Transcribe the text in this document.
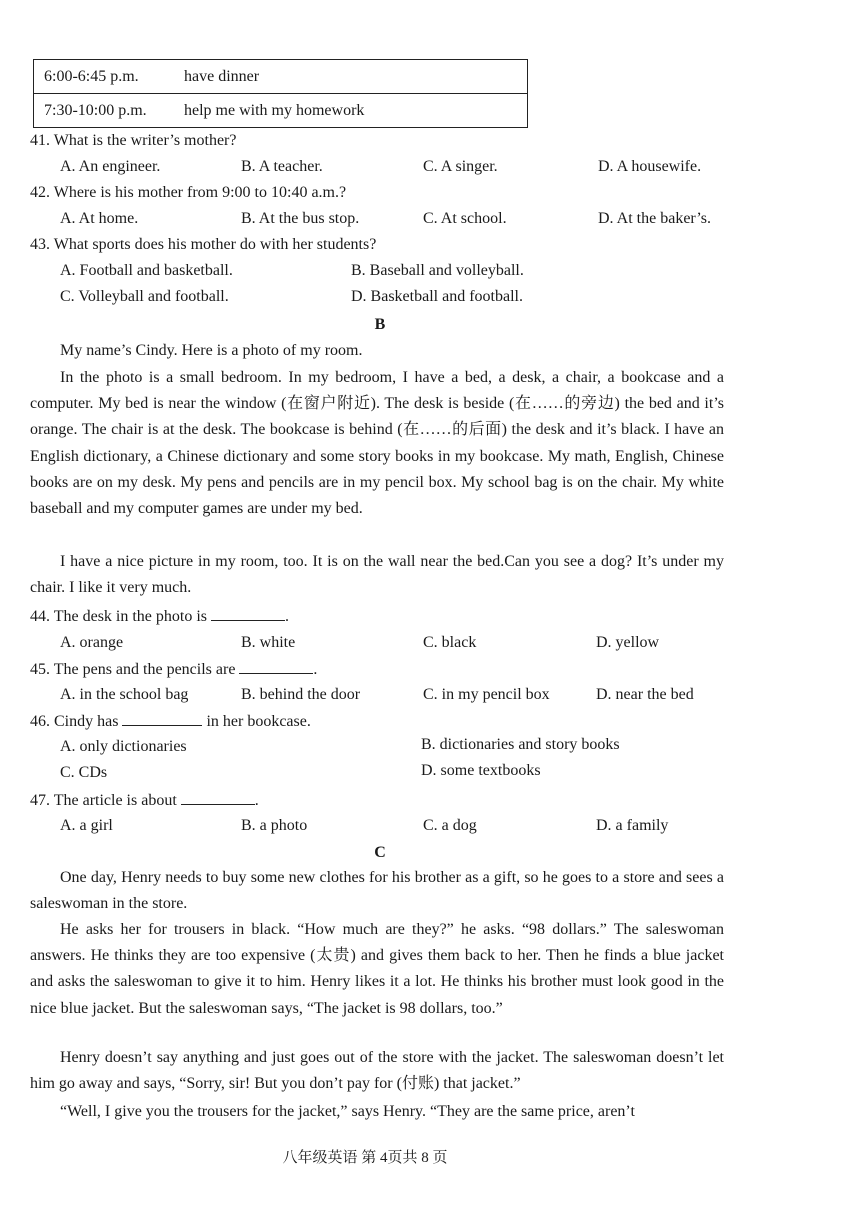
6:00-6:45 p.m.	have dinner
7:30-10:00 p.m.	help me with my homework
41. What is the writer’s mother?
A. An engineer.	B. A teacher.	C. A singer.	D. A housewife.
42. Where is his mother from 9:00 to 10:40 a.m.?
A. At home.	B. At the bus stop.	C. At school.	D. At the baker’s.
43. What sports does his mother do with her students?
A. Football and basketball.	B. Baseball and volleyball.
C. Volleyball and football.	D. Basketball and football.
B
My name’s Cindy. Here is a photo of my room.
In the photo is a small bedroom. In my bedroom, I have a bed, a desk, a chair, a bookcase and a computer. My bed is near the window (在窗户附近). The desk is beside (在……的旁边) the bed and it’s orange. The chair is at the desk. The bookcase is behind (在……的后面) the desk and it’s black. I have an English dictionary, a Chinese dictionary and some story books in my bookcase. My math, English, Chinese books are on my desk. My pens and pencils are in my pencil box. My school bag is on the chair. My white baseball and my computer games are under my bed.
I have a nice picture in my room, too. It is on the wall near the bed.Can you see a dog? It’s under my chair. I like it very much.
44. The desk in the photo is	.
A. orange	B. white	C. black	D. yellow
45. The pens and the pencils are	.
A. in the school bag	B. behind the door	C. in my pencil box	D. near the bed
46. Cindy has	in her bookcase.
A. only dictionaries	B. dictionaries and story books
C. CDs	D. some textbooks
47. The article is about	.
A. a girl	B. a photo	C. a dog	D. a family
C
One day, Henry needs to buy some new clothes for his brother as a gift, so he goes to a store and sees a saleswoman in the store.
He asks her for trousers in black. “How much are they?” he asks. “98 dollars.” The saleswoman answers. He thinks they are too expensive (太贵) and gives them back to her. Then he finds a blue jacket and asks the saleswoman to give it to him. Henry likes it a lot. He thinks his brother must look good in the nice blue jacket. But the saleswoman says, “The jacket is 98 dollars, too.”
Henry doesn’t say anything and just goes out of the store with the jacket. The saleswoman doesn’t let him go away and says, “Sorry, sir! But you don’t pay for (付账) that jacket.”
“Well, I give you the trousers for the jacket,” says Henry. “They are the same price, aren’t
八年级英语 第 4页共 8 页
